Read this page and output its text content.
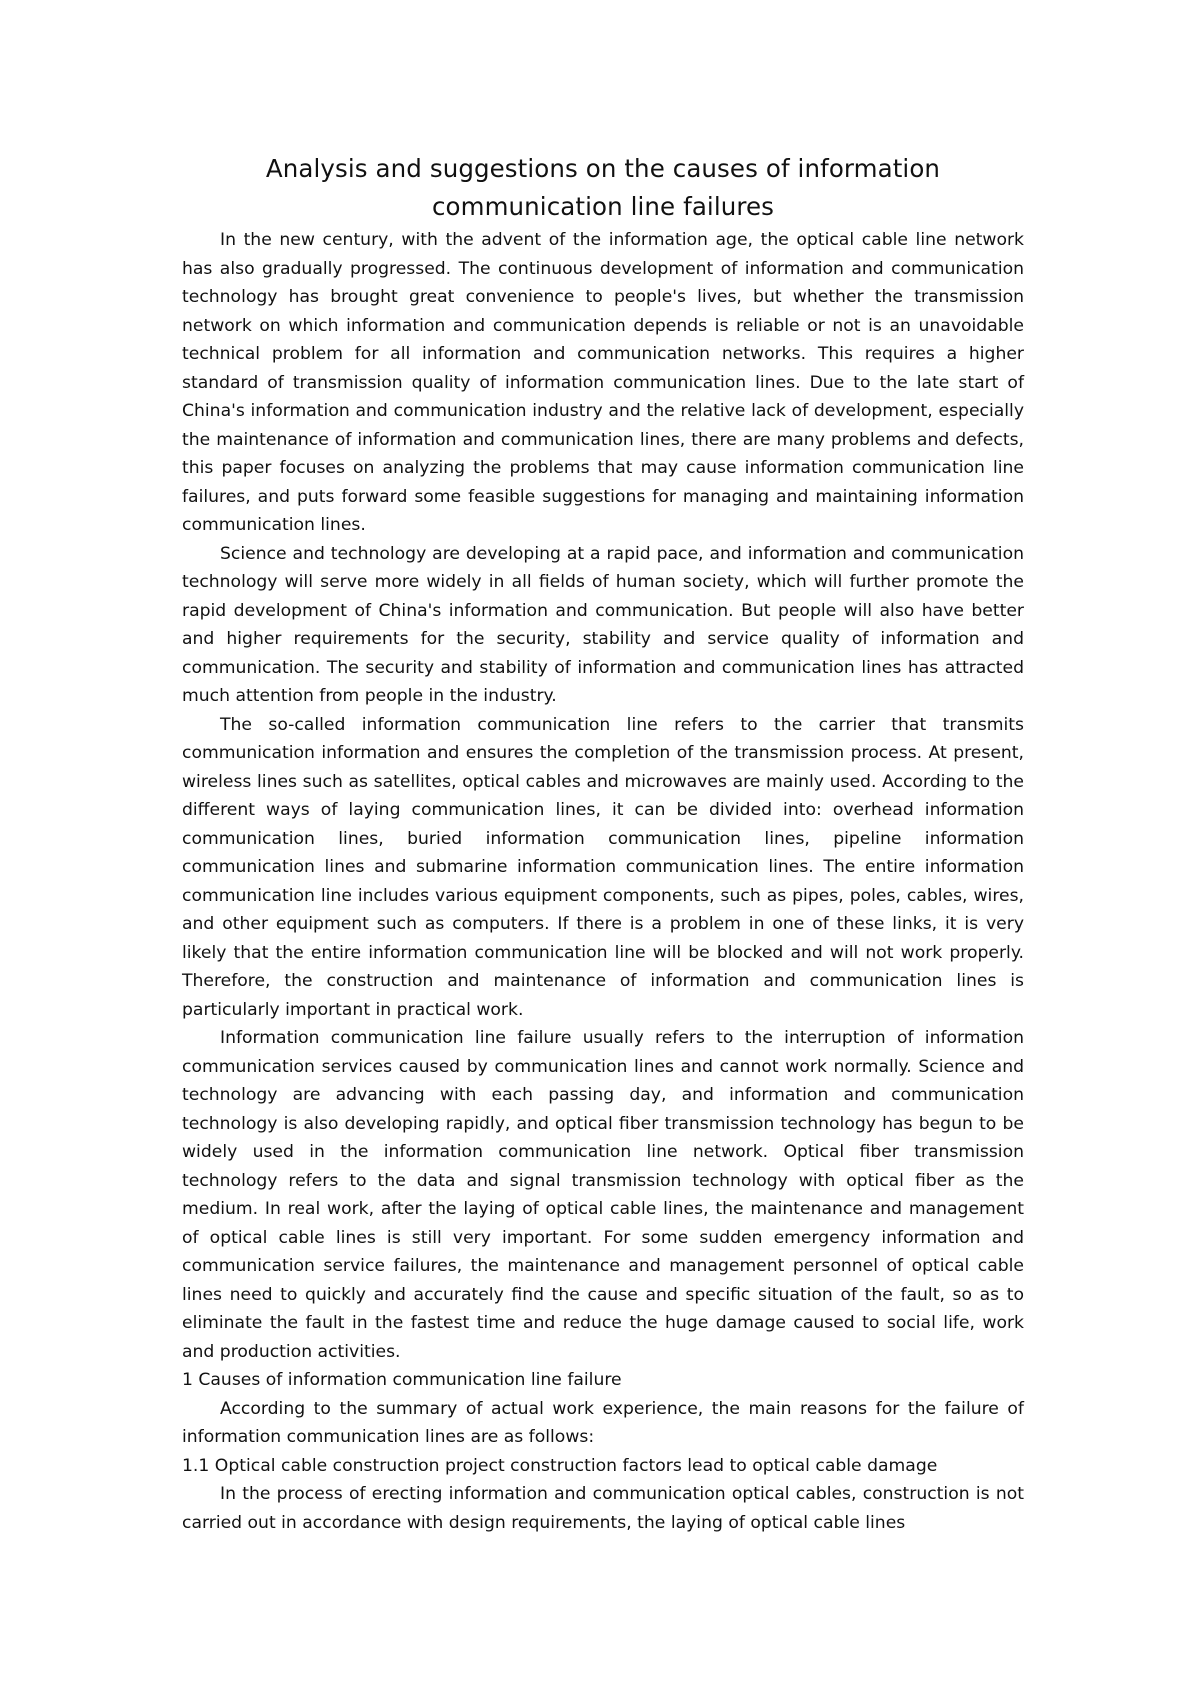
Analysis and suggestions on the causes of information
communication line failures

In the new century, with the advent of the information age, the optical cable line network has also gradually progressed. The continuous development of information and communication technology has brought great convenience to people's lives, but whether the transmission network on which information and communication depends is reliable or not is an unavoidable technical problem for all information and communication networks. This requires a higher standard of transmission quality of information communication lines. Due to the late start of China's information and communication industry and the relative lack of development, especially the maintenance of information and communication lines, there are many problems and defects, this paper focuses on analyzing the problems that may cause information communication line failures, and puts forward some feasible suggestions for managing and maintaining information communication lines.

Science and technology are developing at a rapid pace, and information and communication technology will serve more widely in all fields of human society, which will further promote the rapid development of China's information and communication. But people will also have better and higher requirements for the security, stability and service quality of information and communication. The security and stability of information and communication lines has attracted much attention from people in the industry.

The so-called information communication line refers to the carrier that transmits communication information and ensures the completion of the transmission process. At present, wireless lines such as satellites, optical cables and microwaves are mainly used. According to the different ways of laying communication lines, it can be divided into: overhead information communication lines, buried information communication lines, pipeline information communication lines and submarine information communication lines. The entire information communication line includes various equipment components, such as pipes, poles, cables, wires, and other equipment such as computers. If there is a problem in one of these links, it is very likely that the entire information communication line will be blocked and will not work properly. Therefore, the construction and maintenance of information and communication lines is particularly important in practical work.

Information communication line failure usually refers to the interruption of information communication services caused by communication lines and cannot work normally. Science and technology are advancing with each passing day, and information and communication technology is also developing rapidly, and optical fiber transmission technology has begun to be widely used in the information communication line network. Optical fiber transmission technology refers to the data and signal transmission technology with optical fiber as the medium. In real work, after the laying of optical cable lines, the maintenance and management of optical cable lines is still very important. For some sudden emergency information and communication service failures, the maintenance and management personnel of optical cable lines need to quickly and accurately find the cause and specific situation of the fault, so as to eliminate the fault in the fastest time and reduce the huge damage caused to social life, work and production activities.

1 Causes of information communication line failure

According to the summary of actual work experience, the main reasons for the failure of information communication lines are as follows:

1.1 Optical cable construction project construction factors lead to optical cable damage

In the process of erecting information and communication optical cables, construction is not carried out in accordance with design requirements, the laying of optical cable lines
